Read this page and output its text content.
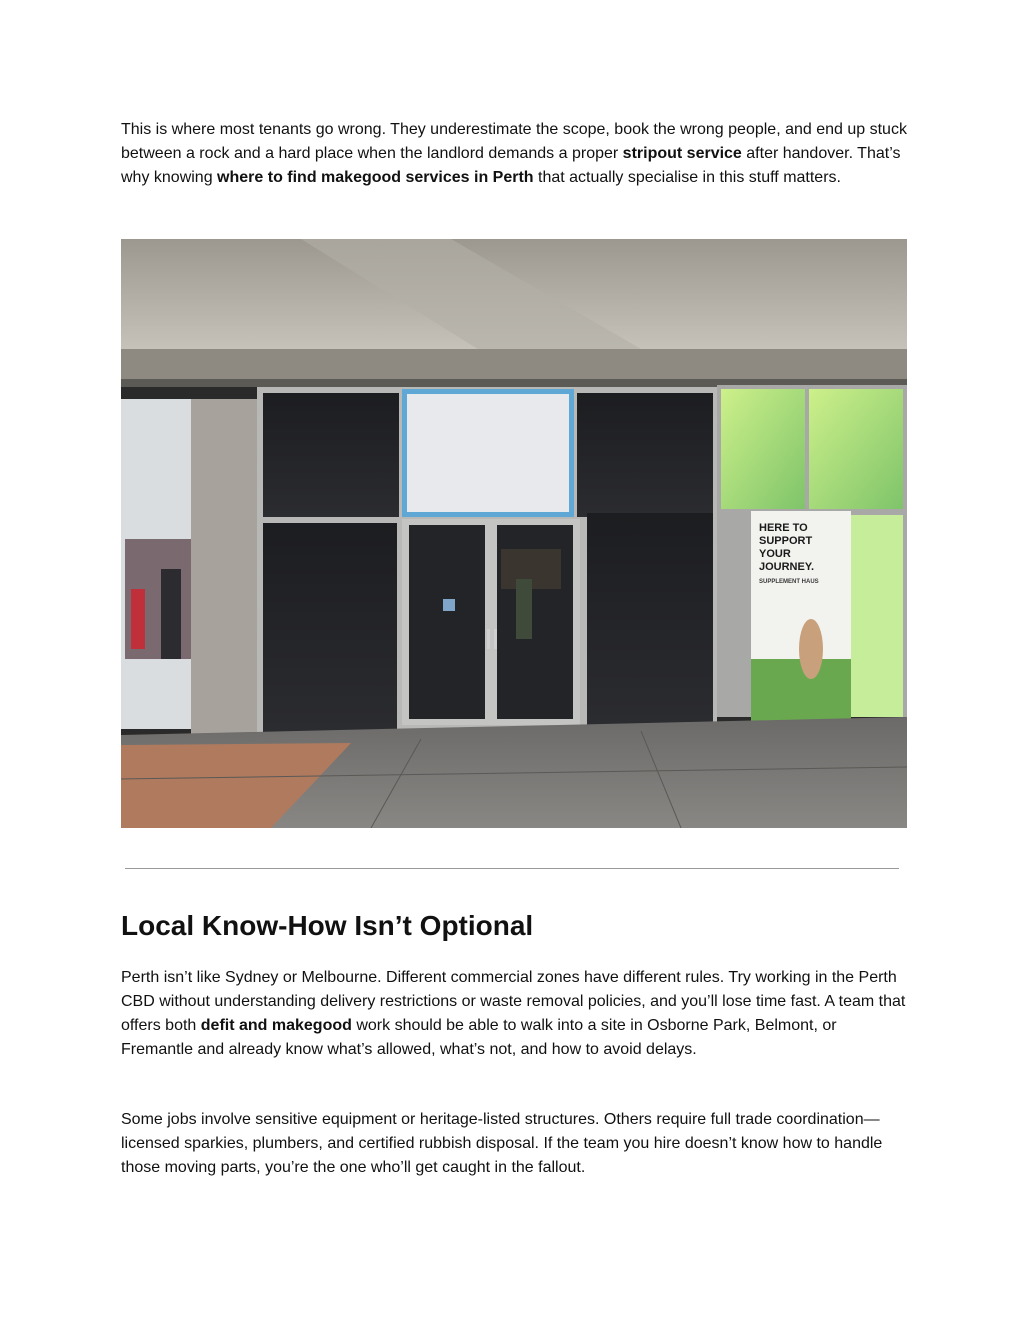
This is where most tenants go wrong. They underestimate the scope, book the wrong people, and end up stuck between a rock and a hard place when the landlord demands a proper stripout service after handover. That’s why knowing where to find makegood services in Perth that actually specialise in this stuff matters.

HERE TO
SUPPORT
YOUR
JOURNEY.
SUPPLEMENT HAUS
Local Know-How Isn’t Optional

Perth isn’t like Sydney or Melbourne. Different commercial zones have different rules. Try working in the Perth CBD without understanding delivery restrictions or waste removal policies, and you’ll lose time fast. A team that offers both defit and makegood work should be able to walk into a site in Osborne Park, Belmont, or Fremantle and already know what’s allowed, what’s not, and how to avoid delays.

Some jobs involve sensitive equipment or heritage-listed structures. Others require full trade coordination—licensed sparkies, plumbers, and certified rubbish disposal. If the team you hire doesn’t know how to handle those moving parts, you’re the one who’ll get caught in the fallout.
